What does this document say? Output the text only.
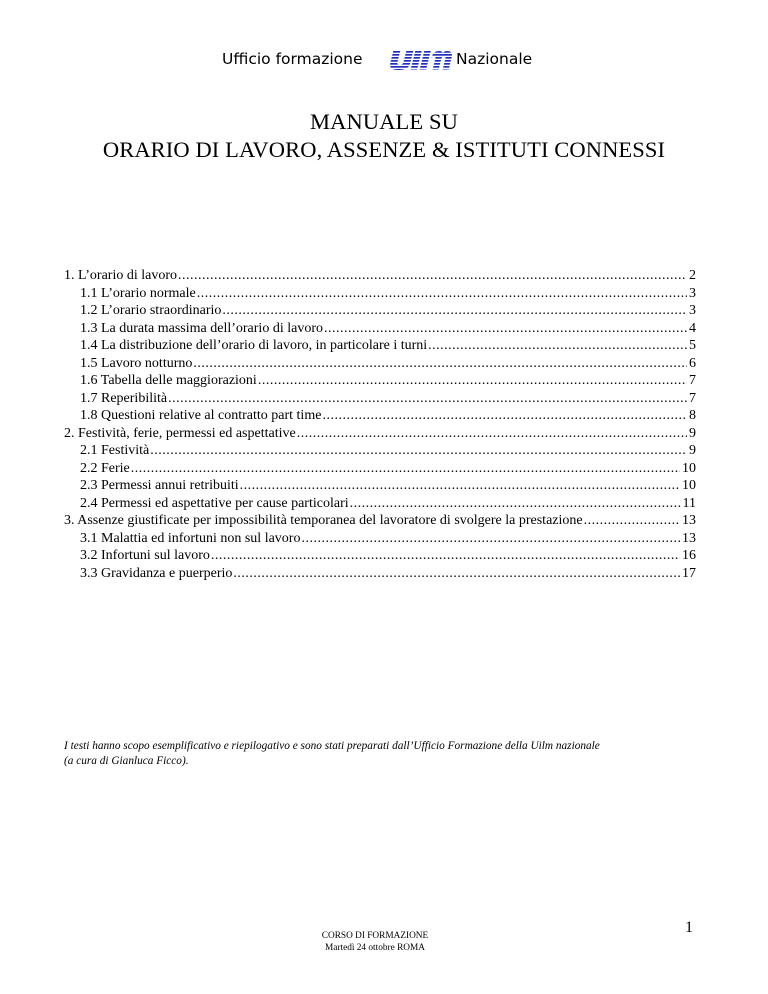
Ufficio formazione	Nazionale
MANUALE SU
ORARIO DI LAVORO, ASSENZE & ISTITUTI CONNESSI
1. L’orario di lavoro .....	2
1.1 L’orario normale .....	3
1.2 L’orario straordinario .....	3
1.3 La durata massima dell’orario di lavoro .....	4
1.4 La distribuzione dell’orario di lavoro, in particolare i turni .....	5
1.5 Lavoro notturno .....	6
1.6 Tabella delle maggiorazioni .....	7
1.7 Reperibilità .....	7
1.8 Questioni relative al contratto part time .....	8
2. Festività, ferie, permessi ed aspettative .....	9
2.1 Festività .....	9
2.2 Ferie .....	10
2.3 Permessi annui retribuiti .....	10
2.4 Permessi ed aspettative per cause particolari .....	11
3. Assenze giustificate per impossibilità temporanea del lavoratore di svolgere la prestazione .....	13
3.1 Malattia ed infortuni non sul lavoro .....	13
3.2 Infortuni sul lavoro .....	16
3.3 Gravidanza e puerperio .....	17
I testi hanno scopo esemplificativo e riepilogativo e sono stati preparati dall’Ufficio Formazione della Uilm nazionale
(a cura di Gianluca Ficco).
CORSO DI FORMAZIONE
Martedì 24 ottobre ROMA
1
